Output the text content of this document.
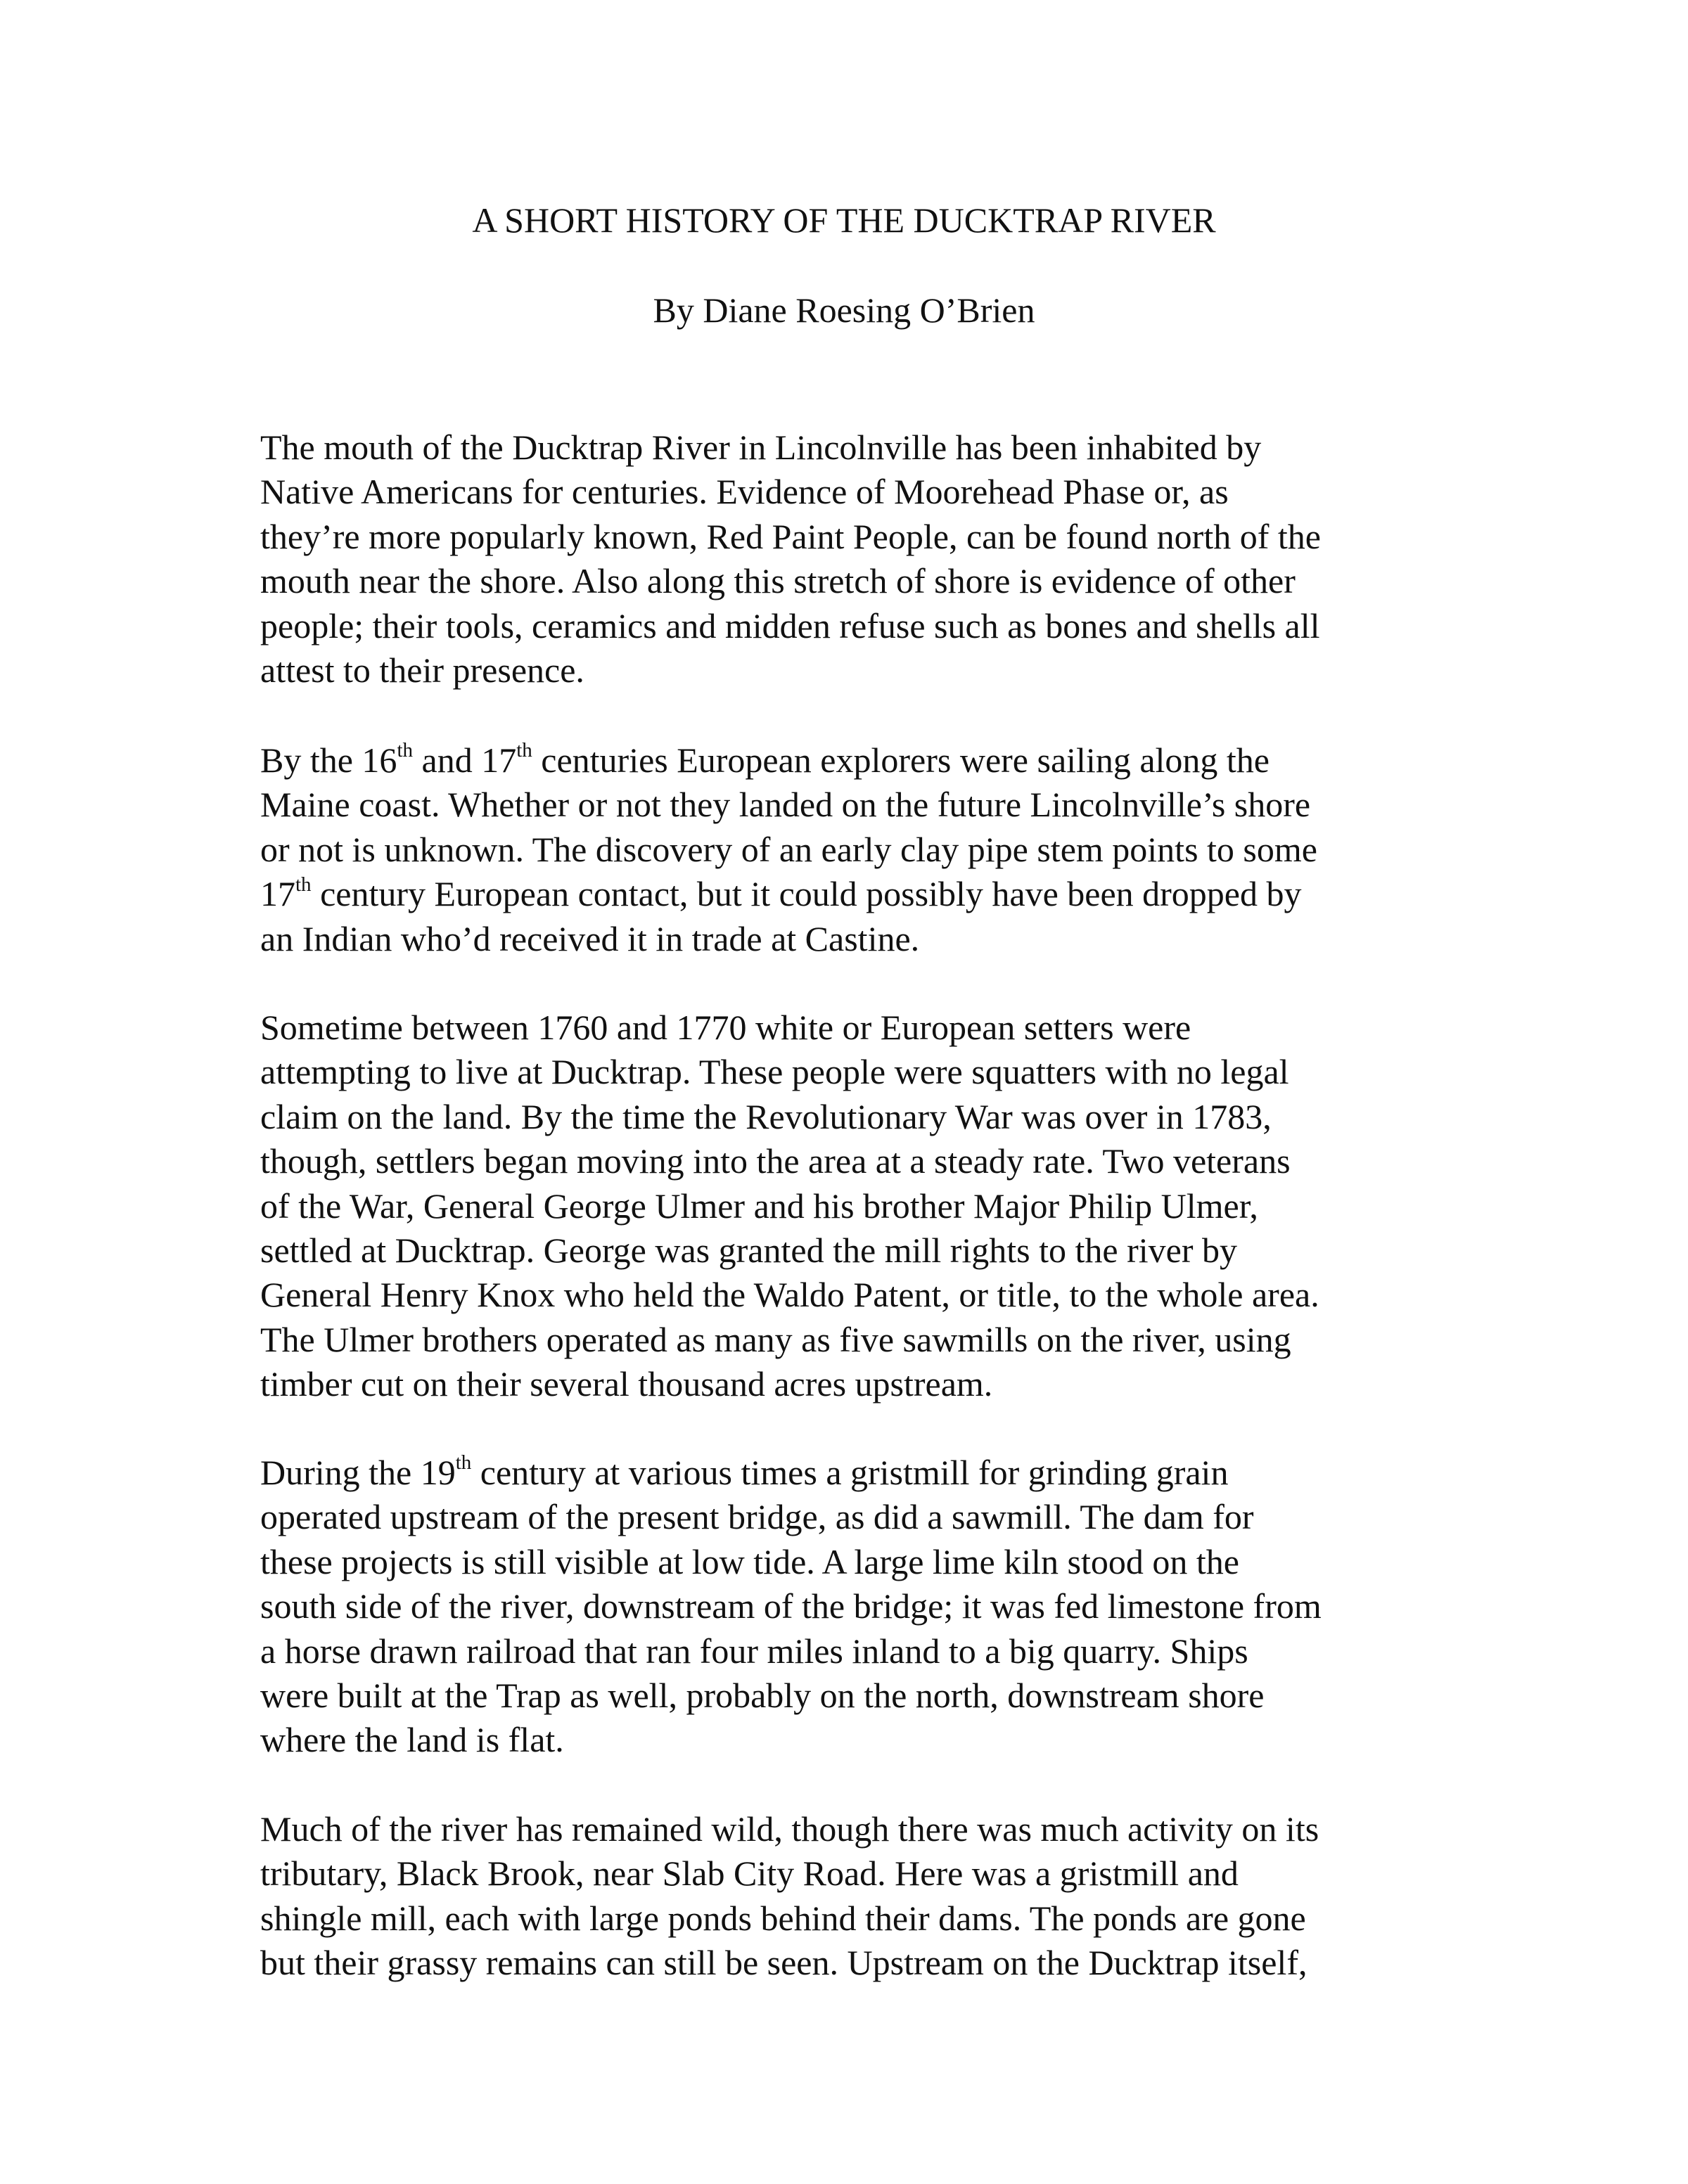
A SHORT HISTORY OF THE DUCKTRAP RIVER

By Diane Roesing O’Brien

The mouth of the Ducktrap River in Lincolnville has been inhabited by
Native Americans for centuries. Evidence of Moorehead Phase or, as
they’re more popularly known, Red Paint People, can be found north of the
mouth near the shore. Also along this stretch of shore is evidence of other
people; their tools, ceramics and midden refuse such as bones and shells all
attest to their presence.
By the 16th and 17th centuries European explorers were sailing along the
Maine coast. Whether or not they landed on the future Lincolnville’s shore
or not is unknown. The discovery of an early clay pipe stem points to some
17th century European contact, but it could possibly have been dropped by
an Indian who’d received it in trade at Castine.
Sometime between 1760 and 1770 white or European setters were
attempting to live at Ducktrap. These people were squatters with no legal
claim on the land. By the time the Revolutionary War was over in 1783,
though, settlers began moving into the area at a steady rate. Two veterans
of the War, General George Ulmer and his brother Major Philip Ulmer,
settled at Ducktrap. George was granted the mill rights to the river by
General Henry Knox who held the Waldo Patent, or title, to the whole area.
The Ulmer brothers operated as many as five sawmills on the river, using
timber cut on their several thousand acres upstream.
During the 19th century at various times a gristmill for grinding grain
operated upstream of the present bridge, as did a sawmill. The dam for
these projects is still visible at low tide. A large lime kiln stood on the
south side of the river, downstream of the bridge; it was fed limestone from
a horse drawn railroad that ran four miles inland to a big quarry. Ships
were built at the Trap as well, probably on the north, downstream shore
where the land is flat.
Much of the river has remained wild, though there was much activity on its
tributary, Black Brook, near Slab City Road. Here was a gristmill and
shingle mill, each with large ponds behind their dams. The ponds are gone
but their grassy remains can still be seen. Upstream on the Ducktrap itself,
